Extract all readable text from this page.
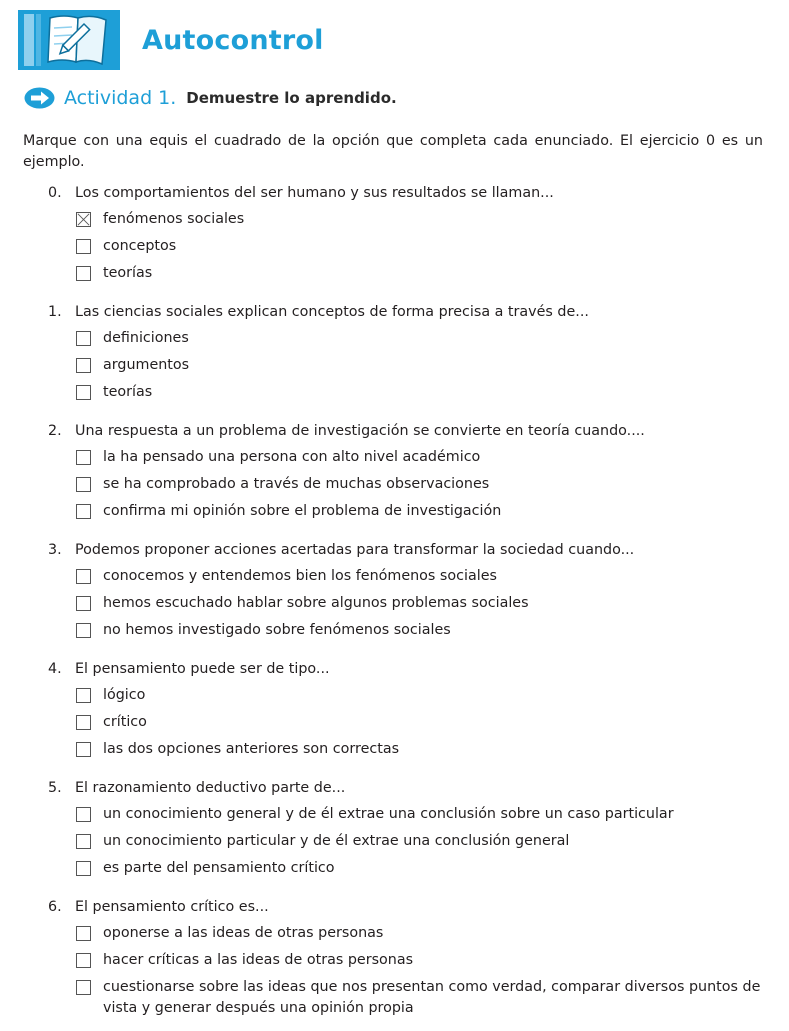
Autocontrol
Actividad 1. Demuestre lo aprendido.
Marque con una equis el cuadrado de la opción que completa cada enunciado. El ejercicio 0 es un ejemplo.
0. Los comportamientos del ser humano y sus resultados se llaman...
fenómenos sociales
conceptos
teorías
1. Las ciencias sociales explican conceptos de forma precisa a través de...
definiciones
argumentos
teorías
2. Una respuesta a un problema de investigación se convierte en teoría cuando....
la ha pensado una persona con alto nivel académico
se ha comprobado a través de muchas observaciones
confirma mi opinión sobre el problema de investigación
3. Podemos proponer acciones acertadas para transformar la sociedad cuando...
conocemos y entendemos bien los fenómenos sociales
hemos escuchado hablar sobre algunos problemas sociales
no hemos investigado sobre fenómenos sociales
4. El pensamiento puede ser de tipo...
lógico
crítico
las dos opciones anteriores son correctas
5. El razonamiento deductivo parte de...
un conocimiento general y de él extrae una conclusión sobre un caso particular
un conocimiento particular y de él extrae una conclusión general
es parte del pensamiento crítico
6. El pensamiento crítico es...
oponerse a las ideas de otras personas
hacer críticas a las ideas de otras personas
cuestionarse sobre las ideas que nos presentan como verdad, comparar diversos puntos de vista y generar después una opinión propia
